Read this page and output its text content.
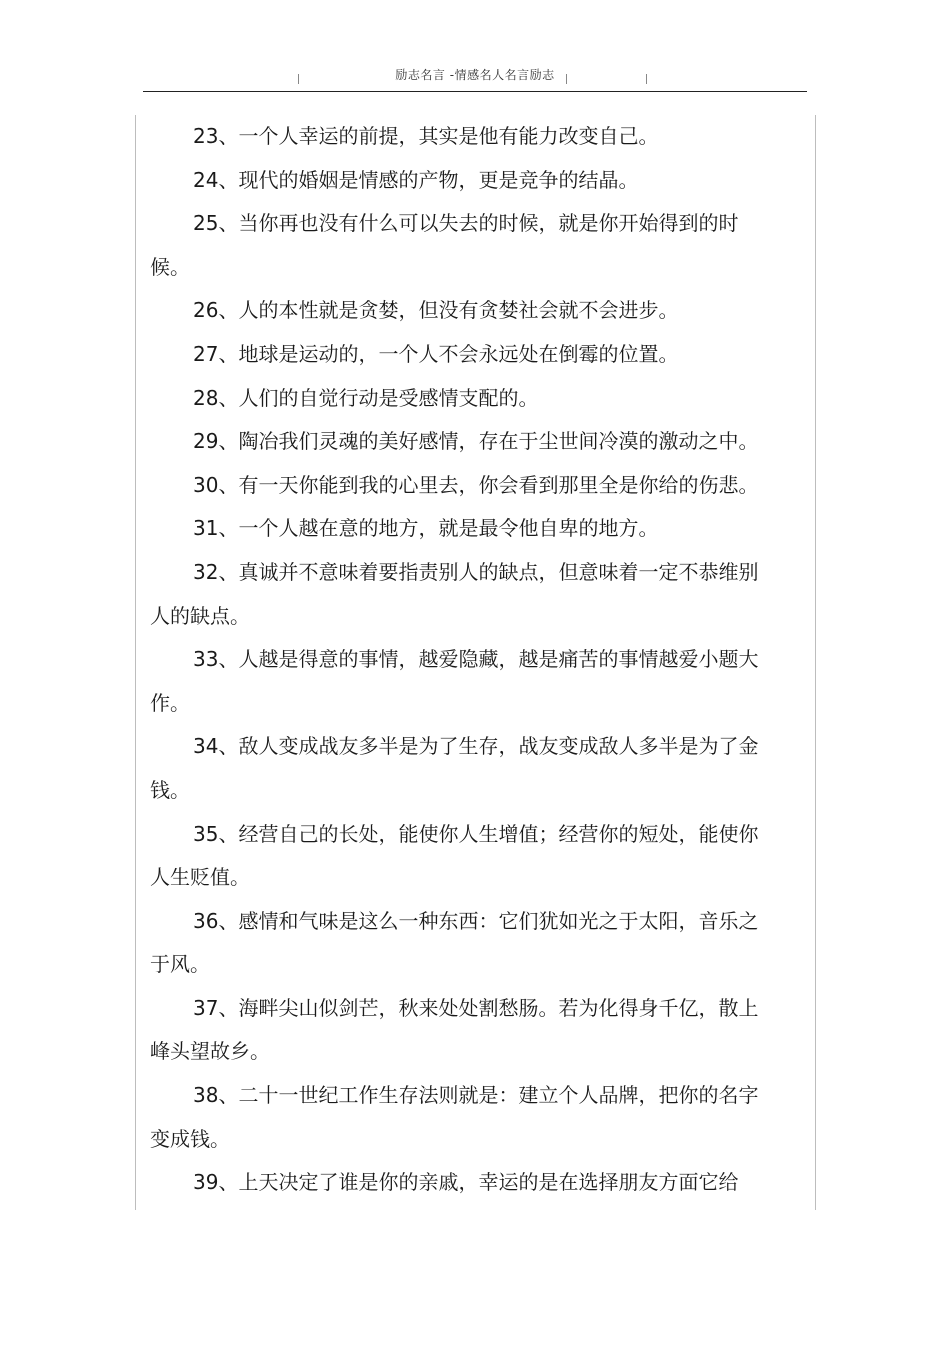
励志名言 -情感名人名言励志

23、一个人幸运的前提，其实是他有能力改变自己。

24、现代的婚姻是情感的产物，更是竞争的结晶。

25、当你再也没有什么可以失去的时候，就是你开始得到的时候。

26、人的本性就是贪婪，但没有贪婪社会就不会进步。

27、地球是运动的，一个人不会永远处在倒霉的位置。

28、人们的自觉行动是受感情支配的。

29、陶冶我们灵魂的美好感情，存在于尘世间冷漠的激动之中。

30、有一天你能到我的心里去，你会看到那里全是你给的伤悲。

31、一个人越在意的地方，就是最令他自卑的地方。

32、真诚并不意味着要指责别人的缺点，但意味着一定不恭维别人的缺点。

33、人越是得意的事情，越爱隐藏，越是痛苦的事情越爱小题大作。

34、敌人变成战友多半是为了生存，战友变成敌人多半是为了金钱。

35、经营自己的长处，能使你人生增值；经营你的短处，能使你人生贬值。

36、感情和气味是这么一种东西：它们犹如光之于太阳，音乐之于风。

37、海畔尖山似剑芒，秋来处处割愁肠。若为化得身千亿，散上峰头望故乡。

38、二十一世纪工作生存法则就是：建立个人品牌，把你的名字变成钱。

39、上天决定了谁是你的亲戚，幸运的是在选择朋友方面它给
